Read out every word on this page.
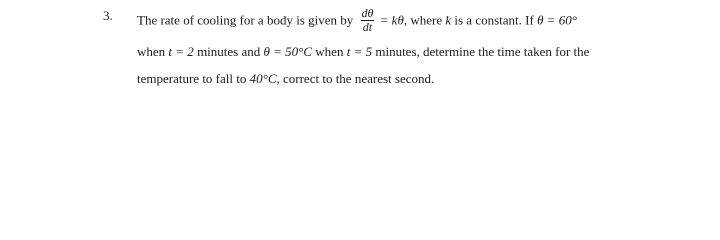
3. The rate of cooling for a body is given by $\frac{d\theta}{dt} = k\theta$, where k is a constant. If θ = 60°
when t = 2 minutes and θ = 50°C when t = 5 minutes, determine the time taken for the
temperature to fall to 40°C, correct to the nearest second.
